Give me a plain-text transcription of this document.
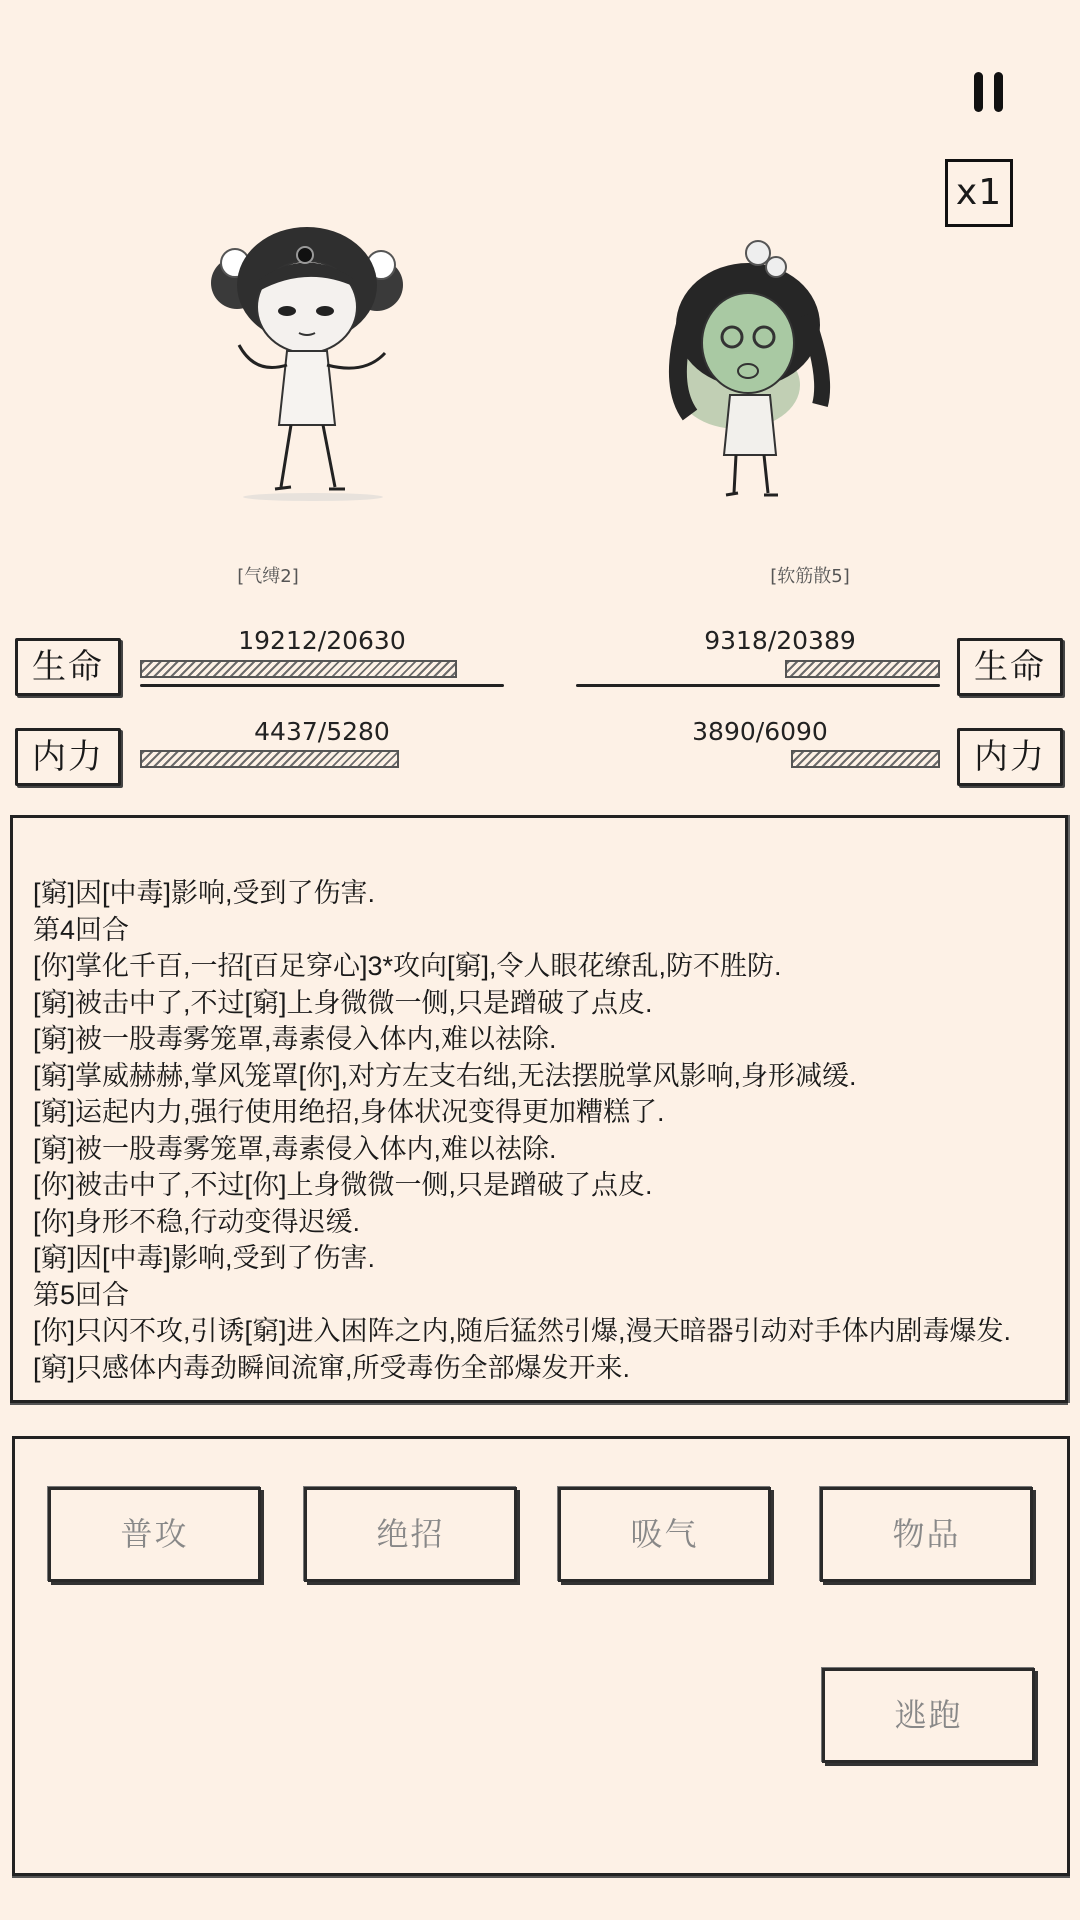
x1
[气缚2]	[软筋散5]
生命
19212/20630
内力
4437/5280
生命
9318/20389
内力
3890/6090
[窮]因[中毒]影响,受到了伤害.
第4回合
[你]掌化千百,一招[百足穿心]3*攻向[窮],令人眼花缭乱,防不胜防.
[窮]被击中了,不过[窮]上身微微一侧,只是蹭破了点皮.
[窮]被一股毒雾笼罩,毒素侵入体内,难以祛除.
[窮]掌威赫赫,掌风笼罩[你],对方左支右绌,无法摆脱掌风影响,身形减缓.
[窮]运起内力,强行使用绝招,身体状况变得更加糟糕了.
[窮]被一股毒雾笼罩,毒素侵入体内,难以祛除.
[你]被击中了,不过[你]上身微微一侧,只是蹭破了点皮.
[你]身形不稳,行动变得迟缓.
[窮]因[中毒]影响,受到了伤害.
第5回合
[你]只闪不攻,引诱[窮]进入困阵之内,随后猛然引爆,漫天暗器引动对手体内剧毒爆发.
[窮]只感体内毒劲瞬间流窜,所受毒伤全部爆发开来.
普攻	绝招	吸气	物品
逃跑
